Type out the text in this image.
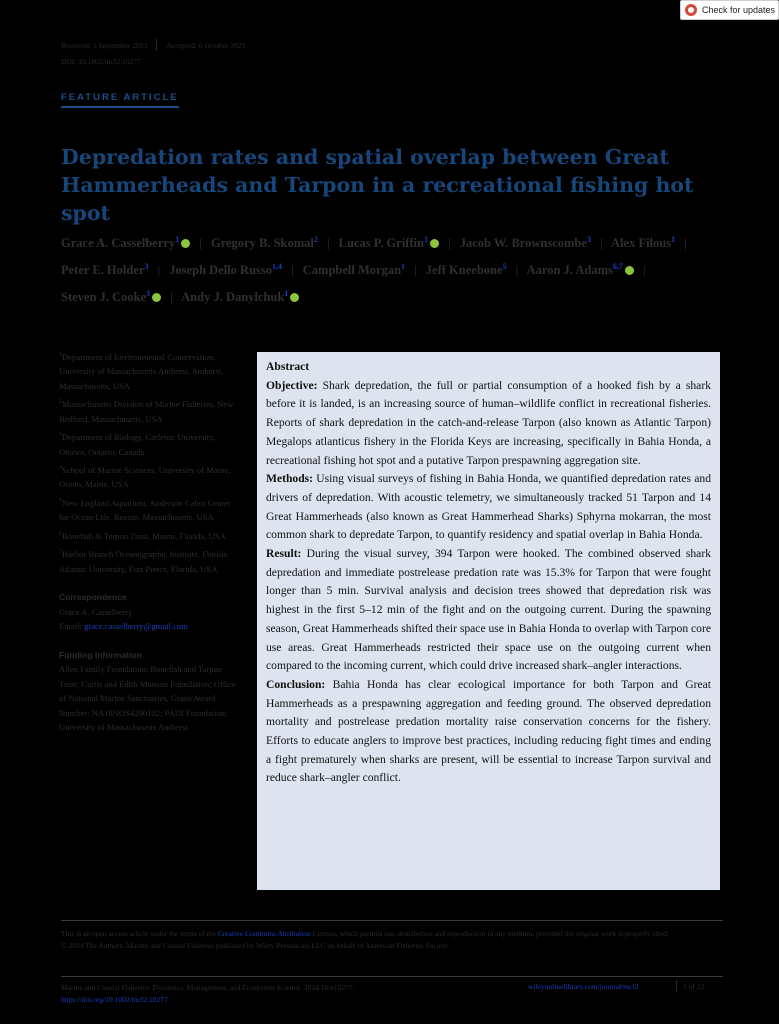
Check for updates
Received: 1 September 2023	Accepted: 6 October 2023
DOI: 10.1002/mcf2.10277
FEATURE ARTICLE
Depredation rates and spatial overlap between Great Hammerheads and Tarpon in a recreational fishing hot spot
Grace A. Casselberry$^1$ | Gregory B. Skomal$^2$ | Lucas P. Griffin$^1$ | Jacob W. Brownscombe$^3$ | Alex Filous$^1$ | Peter E. Holder$^3$ | Joseph Dello Russo$^{1,4}$ | Campbell Morgan$^1$ | Jeff Kneebone$^5$ | Aaron J. Adams$^{6,7}$ | Steven J. Cooke$^3$ | Andy J. Danylchuk$^1$
$^1$Department of Environmental Conservation, University of Massachusetts Amherst, Amherst, Massachusetts, USA
$^2$Massachusetts Division of Marine Fisheries, New Bedford, Massachusetts, USA
$^3$Department of Biology, Carleton University, Ottawa, Ontario, Canada
$^4$School of Marine Sciences, University of Maine, Orono, Maine, USA
$^5$New England Aquarium, Anderson Cabot Center for Ocean Life, Boston, Massachusetts, USA
$^6$Bonefish & Tarpon Trust, Miami, Florida, USA
$^7$Harbor Branch Oceanographic Institute, Florida Atlantic University, Fort Pierce, Florida, USA
Correspondence
Grace A. Casselberry
Email: grace.casselberry@gmail.com
Funding information
Allen Family Foundation; Bonefish and Tarpon Trust; Curtis and Edith Munson Foundation; Office of National Marine Sanctuaries, Grant/Award Number: NA18NOS4290102; PADI Foundation; University of Massachusetts Amherst
Abstract

Objective: Shark depredation, the full or partial consumption of a hooked fish by a shark before it is landed, is an increasing source of human–wildlife conflict in recreational fisheries. Reports of shark depredation in the catch-and-release Tarpon (also known as Atlantic Tarpon) Megalops atlanticus fishery in the Florida Keys are increasing, specifically in Bahia Honda, a recreational fishing hot spot and a putative Tarpon prespawning aggregation site.

Methods: Using visual surveys of fishing in Bahia Honda, we quantified depredation rates and drivers of depredation. With acoustic telemetry, we simultaneously tracked 51 Tarpon and 14 Great Hammerheads (also known as Great Hammerhead Sharks) Sphyrna mokarran, the most common shark to depredate Tarpon, to quantify residency and spatial overlap in Bahia Honda.

Result: During the visual survey, 394 Tarpon were hooked. The combined observed shark depredation and immediate postrelease predation rate was 15.3% for Tarpon that were fought longer than 5 min. Survival analysis and decision trees showed that depredation risk was highest in the first 5–12 min of the fight and on the outgoing current. During the spawning season, Great Hammerheads shifted their space use in Bahia Honda to overlap with Tarpon core use areas. Great Hammerheads restricted their space use on the outgoing current when compared to the incoming current, which could drive increased shark–angler interactions.

Conclusion: Bahia Honda has clear ecological importance for both Tarpon and Great Hammerheads as a prespawning aggregation and feeding ground. The observed depredation mortality and postrelease predation mortality raise conservation concerns for the fishery. Efforts to educate anglers to improve best practices, including reducing fight times and ending a fight prematurely when sharks are present, will be essential to increase Tarpon survival and reduce shark–angler conflict.

This is an open access article under the terms of the Creative Commons Attribution License, which permits use, distribution and reproduction in any medium, provided the original work is properly cited.
© 2024 The Authors. Marine and Coastal Fisheries published by Wiley Periodicals LLC on behalf of American Fisheries Society.
Marine and Coastal Fisheries: Dynamics, Management, and Ecosystem Science. 2024;16:e10277.
https://doi.org/10.1002/mcf2.10277
wileyonlinelibrary.com/journal/mcf2	1 of 22
